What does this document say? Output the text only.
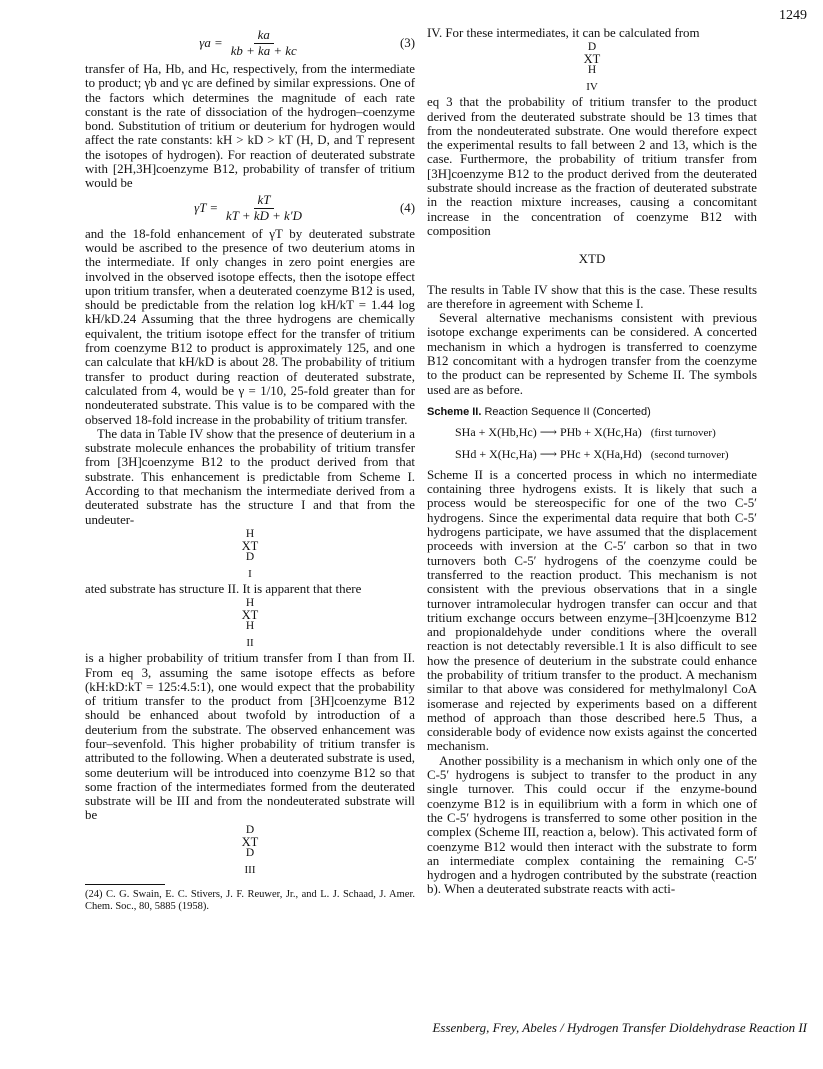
1249
$\gamma a = \frac{ka}{kb + ka + kc}$	(3)

transfer of Ha, Hb, and Hc, respectively, from the intermediate to product; γb and γc are defined by similar expressions. One of the factors which determines the magnitude of each rate constant is the rate of dissociation of the hydrogen–coenzyme bond. Substitution of tritium or deuterium for hydrogen would affect the rate constants: kH > kD > kT (H, D, and T represent the isotopes of hydrogen). For reaction of deuterated substrate with [2H,3H]coenzyme B12, probability of transfer of tritium would be

$\gamma T = \frac{kT}{kT + kD + k'D}$	(4)

and the 18-fold enhancement of γT by deuterated substrate would be ascribed to the presence of two deuterium atoms in the intermediate. If only changes in zero point energies are involved in the observed isotope effects, then the isotope effect upon tritium transfer, when a deuterated coenzyme B12 is used, should be predictable from the relation log kH/kT = 1.44 log kH/kD.24 Assuming that the three hydrogens are chemically equivalent, the tritium isotope effect for the transfer of tritium from coenzyme B12 to product is approximately 125, and one can calculate that kH/kD is about 28. The probability of tritium transfer to product during reaction of deuterated substrate, calculated from 4, would be γ = 1/10, 25-fold greater than for nondeuterated substrate. This value is to be compared with the observed 18-fold increase in the probability of tritium transfer.

The data in Table IV show that the presence of deuterium in a substrate molecule enhances the probability of tritium transfer from [3H]coenzyme B12 to the product derived from that substrate. This enhancement is predictable from Scheme I. According to that mechanism the intermediate derived from a deuterated substrate has the structure I and that from the undeuter-

H
XT
D
I

ated substrate has structure II. It is apparent that there

H
XT
H
II

is a higher probability of tritium transfer from I than from II. From eq 3, assuming the same isotope effects as before (kH:kD:kT = 125:4.5:1), one would expect that the probability of tritium transfer to the product from [3H]coenzyme B12 should be enhanced about twofold by introduction of a deuterium from the substrate. The observed enhancement was four–sevenfold. This higher probability of tritium transfer is attributed to the following. When a deuterated substrate is used, some deuterium will be introduced into coenzyme B12 so that some fraction of the intermediates formed from the deuterated substrate will be III and from the nondeuterated substrate will be

D
XT
D
III

(24) C. G. Swain, E. C. Stivers, J. F. Reuwer, Jr., and L. J. Schaad, J. Amer. Chem. Soc., 80, 5885 (1958).

IV. For these intermediates, it can be calculated from

D
XT
H
IV

eq 3 that the probability of tritium transfer to the product derived from the deuterated substrate should be 13 times that from the nondeuterated substrate. One would therefore expect the experimental results to fall between 2 and 13, which is the case. Furthermore, the probability of tritium transfer from [3H]coenzyme B12 to the product derived from the deuterated substrate should increase as the fraction of deuterated substrate in the reaction mixture increases, causing a concomitant increase in the concentration of coenzyme B12 with composition

XTD

The results in Table IV show that this is the case. These results are therefore in agreement with Scheme I.

Several alternative mechanisms consistent with previous isotope exchange experiments can be considered. A concerted mechanism in which a hydrogen is transferred to coenzyme B12 concomitant with a hydrogen transfer from the coenzyme to the product can be represented by Scheme II. The symbols used are as before.

Scheme II. Reaction Sequence II (Concerted)
SHa + X(Hb,Hc) ⟶ PHb + X(Hc,Ha) (first turnover)
SHd + X(Hc,Ha) ⟶ PHc + X(Ha,Hd) (second turnover)

Scheme II is a concerted process in which no intermediate containing three hydrogens exists. It is likely that such a process would be stereospecific for one of the two C-5′ hydrogens. Since the experimental data require that both C-5′ hydrogens participate, we have assumed that the displacement proceeds with inversion at the C-5′ carbon so that in two turnovers both C-5′ hydrogens of the coenzyme could be transferred to the reaction product. This mechanism is not consistent with the previous observations that in a single turnover intramolecular hydrogen transfer can occur and that tritium exchange occurs between enzyme–[3H]coenzyme B12 and propionaldehyde under conditions where the overall reaction is not detectably reversible.1 It is also difficult to see how the presence of deuterium in the substrate could enhance the probability of tritium transfer to the product. A mechanism similar to that above was considered for methylmalonyl CoA isomerase and rejected by experiments based on a different method of approach than those described here.5 Thus, a considerable body of evidence now exists against the concerted mechanism.

Another possibility is a mechanism in which only one of the C-5′ hydrogens is subject to transfer to the product in any single turnover. This could occur if the enzyme-bound coenzyme B12 is in equilibrium with a form in which one of the C-5′ hydrogens is transferred to some other position in the complex (Scheme III, reaction a, below). This activated form of coenzyme B12 would then interact with the substrate to form an intermediate complex containing the remaining C-5′ hydrogen and a hydrogen contributed by the substrate (reaction b). When a deuterated substrate reacts with acti-

Essenberg, Frey, Abeles / Hydrogen Transfer Dioldehydrase Reaction II
